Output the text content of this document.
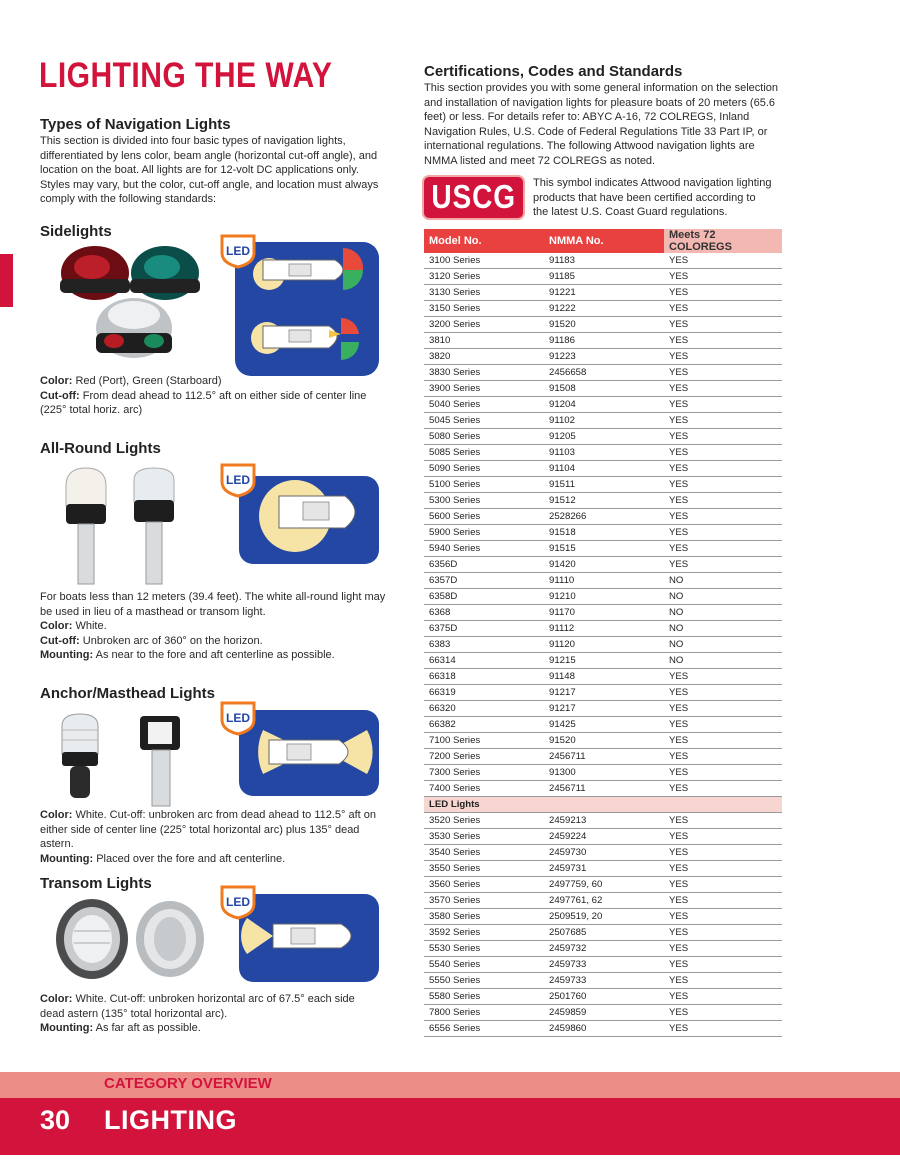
LIGHTING THE WAY
Types of Navigation Lights
This section is divided into four basic types of navigation lights, differentiated by lens color, beam angle (horizontal cut-off angle), and location on the boat. All lights are for 12-volt DC applications only. Styles may vary, but the color, cut-off angle, and location must always comply with the following standards:
Sidelights
LED
Color: Red (Port), Green (Starboard)
Cut-off: From dead ahead to 112.5° aft on either side of center line (225° total horiz. arc)
All-Round Lights
LED
For boats less than 12 meters (39.4 feet). The white all-round light may be used in lieu of a masthead or transom light.
Color: White.
Cut-off: Unbroken arc of 360° on the horizon.
Mounting: As near to the fore and aft centerline as possible.
Anchor/Masthead Lights
LED
Color: White. Cut-off: unbroken arc from dead ahead to 112.5° aft on either side of center line (225° total horizontal arc) plus 135° dead astern.
Mounting: Placed over the fore and aft centerline.
Transom Lights
LED
Color: White. Cut-off: unbroken horizontal arc of 67.5° each side dead astern (135° total horizontal arc).
Mounting: As far aft as possible.
Certifications, Codes and Standards
This section provides you with some general information on the selection and installation of navigation lights for pleasure boats of 20 meters (65.6 feet) or less. For details refer to: ABYC A-16, 72 COLREGS, Inland Navigation Rules, U.S. Code of Federal Regulations Title 33 Part IP, or international regulations. The following Attwood navigation lights are NMMA listed and meet 72 COLREGS as noted.
USCG This symbol indicates Attwood navigation lighting products that have been certified according to the latest U.S. Coast Guard regulations.
Model No.	NMMA No.	Meets 72 COLOREGS
3100 Series	91183	YES
3120 Series	91185	YES
3130 Series	91221	YES
3150 Series	91222	YES
3200 Series	91520	YES
3810	91186	YES
3820	91223	YES
3830 Series	2456658	YES
3900 Series	91508	YES
5040 Series	91204	YES
5045 Series	91102	YES
5080 Series	91205	YES
5085 Series	91103	YES
5090 Series	91104	YES
5100 Series	91511	YES
5300 Series	91512	YES
5600 Series	2528266	YES
5900 Series	91518	YES
5940 Series	91515	YES
6356D	91420	YES
6357D	91110	NO
6358D	91210	NO
6368	91170	NO
6375D	91112	NO
6383	91120	NO
66314	91215	NO
66318	91148	YES
66319	91217	YES
66320	91217	YES
66382	91425	YES
7100 Series	91520	YES
7200 Series	2456711	YES
7300 Series	91300	YES
7400 Series	2456711	YES
LED Lights		
3520 Series	2459213	YES
3530 Series	2459224	YES
3540 Series	2459730	YES
3550 Series	2459731	YES
3560 Series	2497759, 60	YES
3570 Series	2497761, 62	YES
3580 Series	2509519, 20	YES
3592 Series	2507685	YES
5530 Series	2459732	YES
5540 Series	2459733	YES
5550 Series	2459733	YES
5580 Series	2501760	YES
7800 Series	2459859	YES
6556 Series	2459860	YES
CATEGORY OVERVIEW
30 LIGHTING
